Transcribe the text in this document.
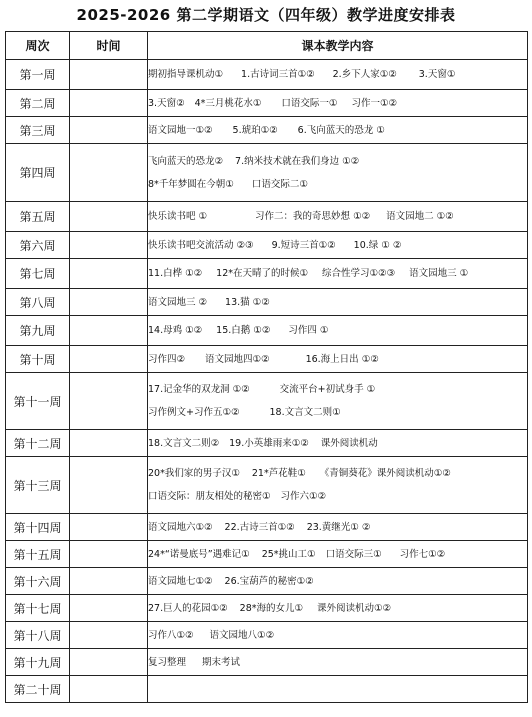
2025-2026 第二学期语文（四年级）教学进度安排表
周次	时间	课本教学内容
第一周		期初指导课机动① 1.古诗词三首①② 2.乡下人家①② 3.天窗①

第二周		3.天窗② 4*三月桃花水① 口语交际一① 习作一①②

第三周		语文园地一①② 5.琥珀①② 6.飞向蓝天的恐龙 ①

第四周		飞向蓝天的恐龙② 7.纳米技术就在我们身边 ①②
8*千年梦圆在今朝① 口语交际二①

第五周		快乐读书吧 ① 习作二：我的奇思妙想 ①② 语文园地二 ①②

第六周		快乐读书吧交流活动 ②③ 9.短诗三首①② 10.绿 ① ②

第七周		11.白桦 ①② 12*在天晴了的时候① 综合性学习①②③ 语文园地三 ①

第八周		语文园地三 ② 13.猫 ①②

第九周		14.母鸡 ①② 15.白鹅 ①② 习作四 ①

第十周		习作四② 语文园地四①② 16.海上日出 ①②

第十一周		17.记金华的双龙洞 ①② 交流平台+初试身手 ①
习作例文+习作五①② 18.文言文二则①

第十二周		18.文言文二则② 19.小英雄雨来①② 课外阅读机动

第十三周		20*我们家的男子汉① 21*芦花鞋① 《青铜葵花》课外阅读机动①②
口语交际：朋友相处的秘密① 习作六①②

第十四周		语文园地六①② 22.古诗三首①② 23.黄继光① ②

第十五周		24*“诺曼底号”遇难记① 25*挑山工① 口语交际三① 习作七①②

第十六周		语文园地七①② 26.宝葫芦的秘密①②

第十七周		27.巨人的花园①② 28*海的女儿① 课外阅读机动①②

第十八周		习作八①② 语文园地八①②

第十九周		复习整理 期末考试

第二十周		
